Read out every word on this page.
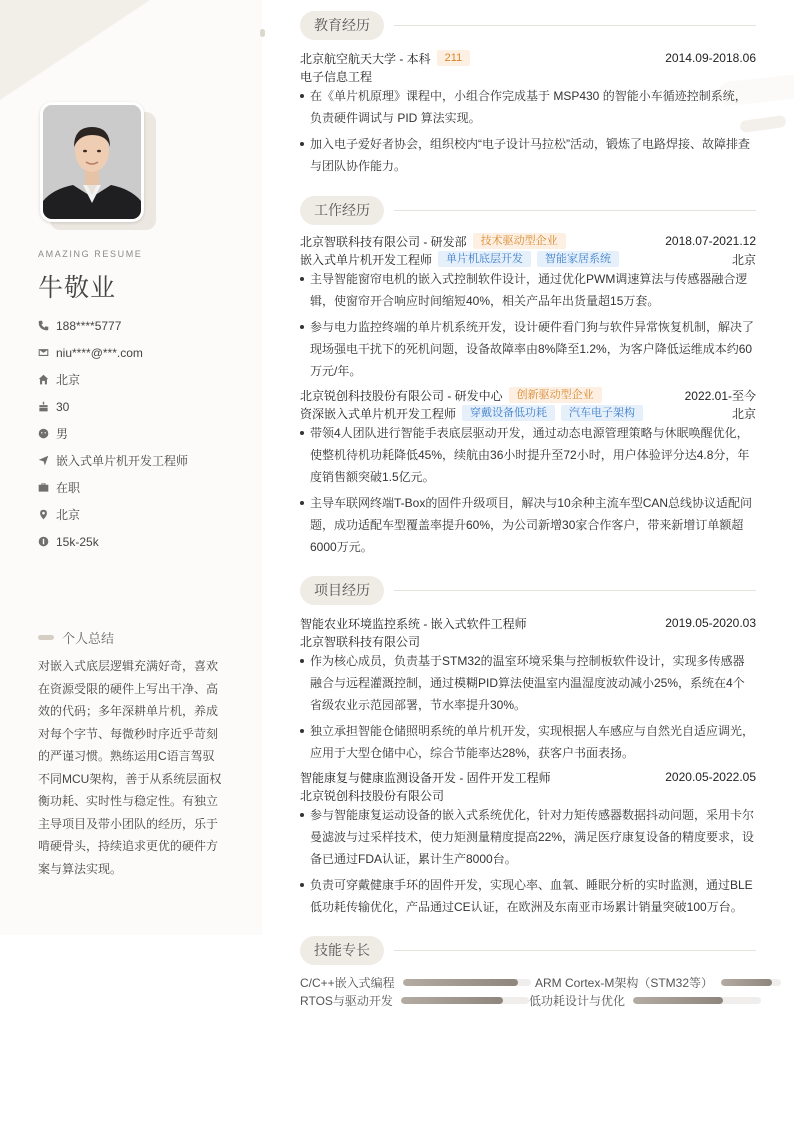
AMAZING RESUME
牛敬业
188****5777
niu****@***.com
北京
30
男
嵌入式单片机开发工程师
在职
北京
15k-25k
个人总结
对嵌入式底层逻辑充满好奇，喜欢在资源受限的硬件上写出干净、高效的代码；多年深耕单片机，养成对每个字节、每微秒时序近乎苛刻的严谨习惯。熟练运用C语言驾驭不同MCU架构，善于从系统层面权衡功耗、实时性与稳定性。有独立主导项目及带小团队的经历，乐于啃硬骨头，持续追求更优的硬件方案与算法实现。
教育经历
北京航空航天大学 - 本科	211	2014.09-2018.06
电子信息工程
在《单片机原理》课程中，小组合作完成基于 MSP430 的智能小车循迹控制系统，负责硬件调试与 PID 算法实现。
加入电子爱好者协会，组织校内“电子设计马拉松”活动，锻炼了电路焊接、故障排查与团队协作能力。
工作经历
北京智联科技有限公司 - 研发部	技术驱动型企业	2018.07-2021.12
嵌入式单片机开发工程师	单片机底层开发	智能家居系统	北京
主导智能窗帘电机的嵌入式控制软件设计，通过优化PWM调速算法与传感器融合逻辑，使窗帘开合响应时间缩短40%，相关产品年出货量超15万套。
参与电力监控终端的单片机系统开发，设计硬件看门狗与软件异常恢复机制，解决了现场强电干扰下的死机问题，设备故障率由8%降至1.2%，为客户降低运维成本约60万元/年。
北京锐创科技股份有限公司 - 研发中心	创新驱动型企业	2022.01-至今
资深嵌入式单片机开发工程师	穿戴设备低功耗	汽车电子架构	北京
带领4人团队进行智能手表底层驱动开发，通过动态电源管理策略与休眠唤醒优化，使整机待机功耗降低45%，续航由36小时提升至72小时，用户体验评分达4.8分，年度销售额突破1.5亿元。
主导车联网终端T-Box的固件升级项目，解决与10余种主流车型CAN总线协议适配问题，成功适配车型覆盖率提升60%，为公司新增30家合作客户，带来新增订单额超6000万元。
项目经历
智能农业环境监控系统 - 嵌入式软件工程师	2019.05-2020.03
北京智联科技有限公司
作为核心成员，负责基于STM32的温室环境采集与控制板软件设计，实现多传感器融合与远程灌溉控制，通过模糊PID算法使温室内温湿度波动减小25%，系统在4个省级农业示范园部署，节水率提升30%。
独立承担智能仓储照明系统的单片机开发，实现根据人车感应与自然光自适应调光，应用于大型仓储中心，综合节能率达28%，获客户书面表扬。
智能康复与健康监测设备开发 - 固件开发工程师	2020.05-2022.05
北京锐创科技股份有限公司
参与智能康复运动设备的嵌入式系统优化，针对力矩传感器数据抖动问题，采用卡尔曼滤波与过采样技术，使力矩测量精度提高22%，满足医疗康复设备的精度要求，设备已通过FDA认证，累计生产8000台。
负责可穿戴健康手环的固件开发，实现心率、血氧、睡眠分析的实时监测，通过BLE低功耗传输优化，产品通过CE认证，在欧洲及东南亚市场累计销量突破100万台。
技能专长
C/C++嵌入式编程	ARM Cortex-M架构（STM32等）
RTOS与驱动开发	低功耗设计与优化
